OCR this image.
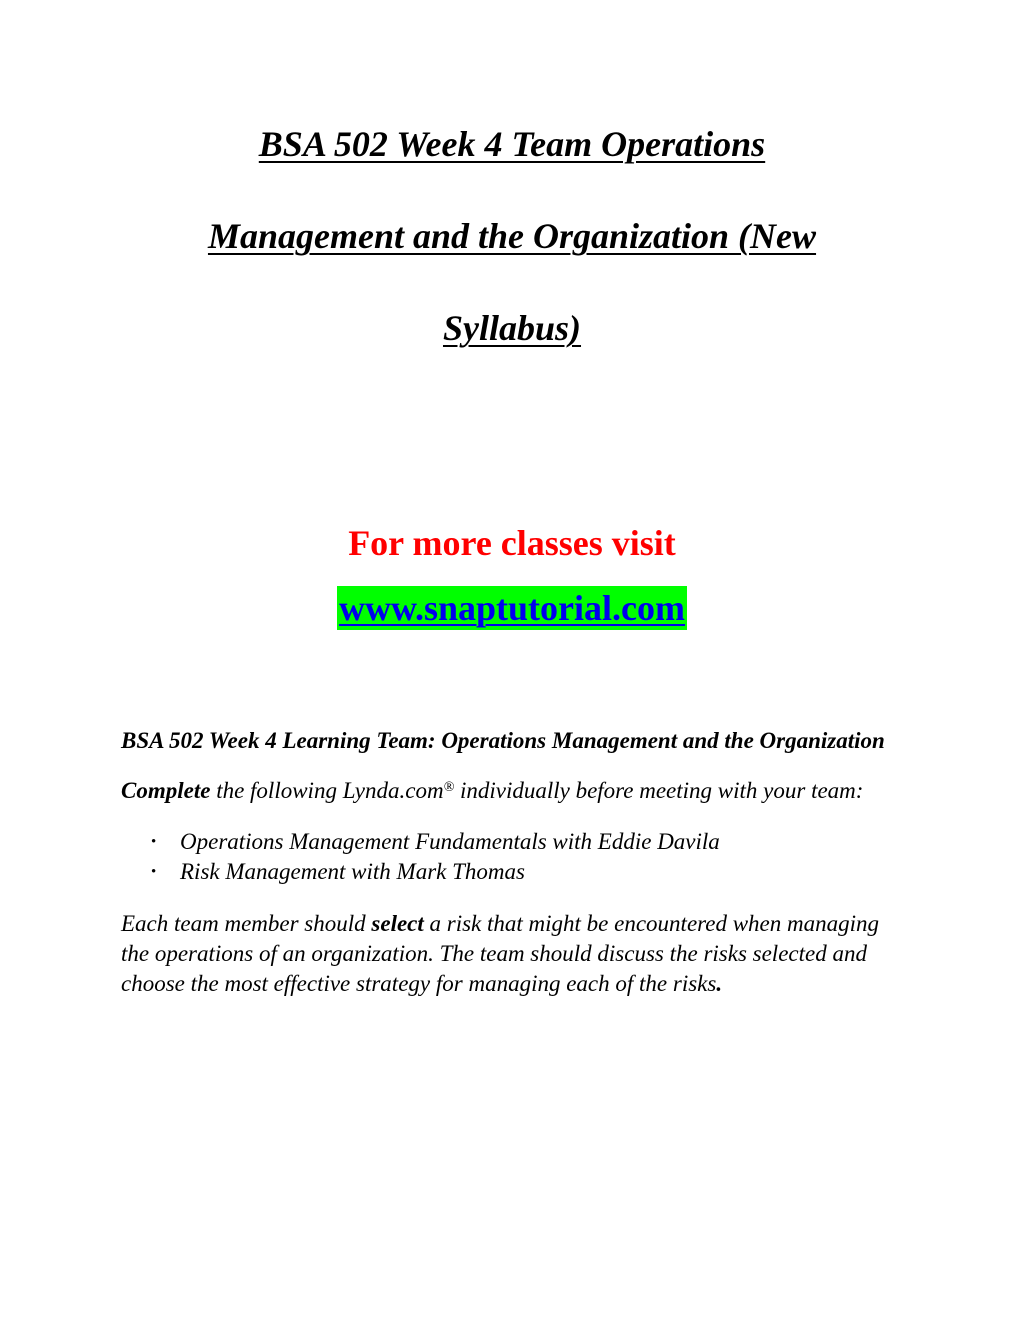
BSA 502 Week 4 Team Operations
Management and the Organization (New
Syllabus)

For more classes visit

www.snaptutorial.com

BSA 502 Week 4 Learning Team: Operations Management and the Organization

Complete the following Lynda.com® individually before meeting with your team:

• Operations Management Fundamentals with Eddie Davila
• Risk Management with Mark Thomas

Each team member should select a risk that might be encountered when managing the operations of an organization. The team should discuss the risks selected and choose the most effective strategy for managing each of the risks.
